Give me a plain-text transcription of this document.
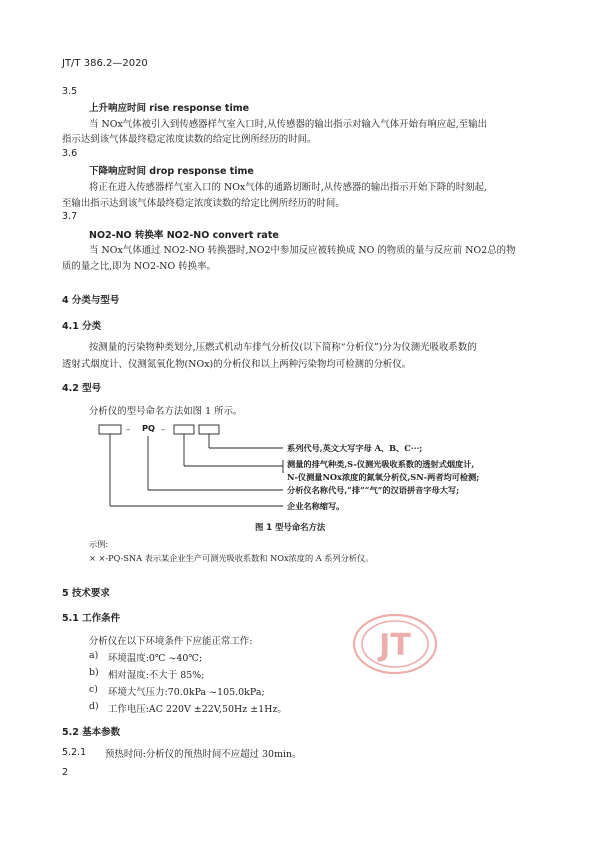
JT/T 386.2—2020
3.5
上升响应时间 rise response time
当 NOx气体被引入到传感器样气室入口时,从传感器的输出指示对输入气体开始有响应起,至输出
指示达到该气体最终稳定浓度读数的给定比例所经历的时间。
3.6
下降响应时间 drop response time
将正在进入传感器样气室入口的 NOx气体的通路切断时,从传感器的输出指示开始下降的时刻起,
至输出指示达到该气体最终稳定浓度读数的给定比例所经历的时间。
3.7
NO2-NO 转换率 NO2-NO convert rate
当 NOx气体通过 NO2-NO 转换器时,NO2中参加反应被转换成 NO 的物质的量与反应前 NO2总的物
质的量之比,即为 NO2-NO 转换率。
4 分类与型号
4.1 分类
按测量的污染物种类划分,压燃式机动车排气分析仪(以下简称“分析仪”)分为仪测光吸收系数的
透射式烟度计、仪测氮氧化物(NOx)的分析仪和以上两种污染物均可检测的分析仪。
4.2 型号
分析仪的型号命名方法如图 1 所示。
– PQ –
系列代号,英文大写字母 A、B、C···;
测量的排气种类,S-仪测光吸收系数的透射式烟度计,
N-仪测量NOx浓度的氮氧分析仪,SN-两者均可检测;
分析仪名称代号,“排”“气”的汉语拼音字母大写;
企业名称缩写。
图 1 型号命名方法
示例:
× ×-PQ-SNA 表示某企业生产可测光吸收系数和 NOx浓度的 A 系列分析仪。
5 技术要求
5.1 工作条件
分析仪在以下环境条件下应能正常工作:
a) 环境温度:0℃ ~40℃;
b) 相对湿度:不大于 85%;
c) 环境大气压力:70.0kPa ~105.0kPa;
d) 工作电压:AC 220V ±22V,50Hz ±1Hz。
5.2 基本参数
5.2.1 预热时间:分析仪的预热时间不应超过 30min。
2
JT
